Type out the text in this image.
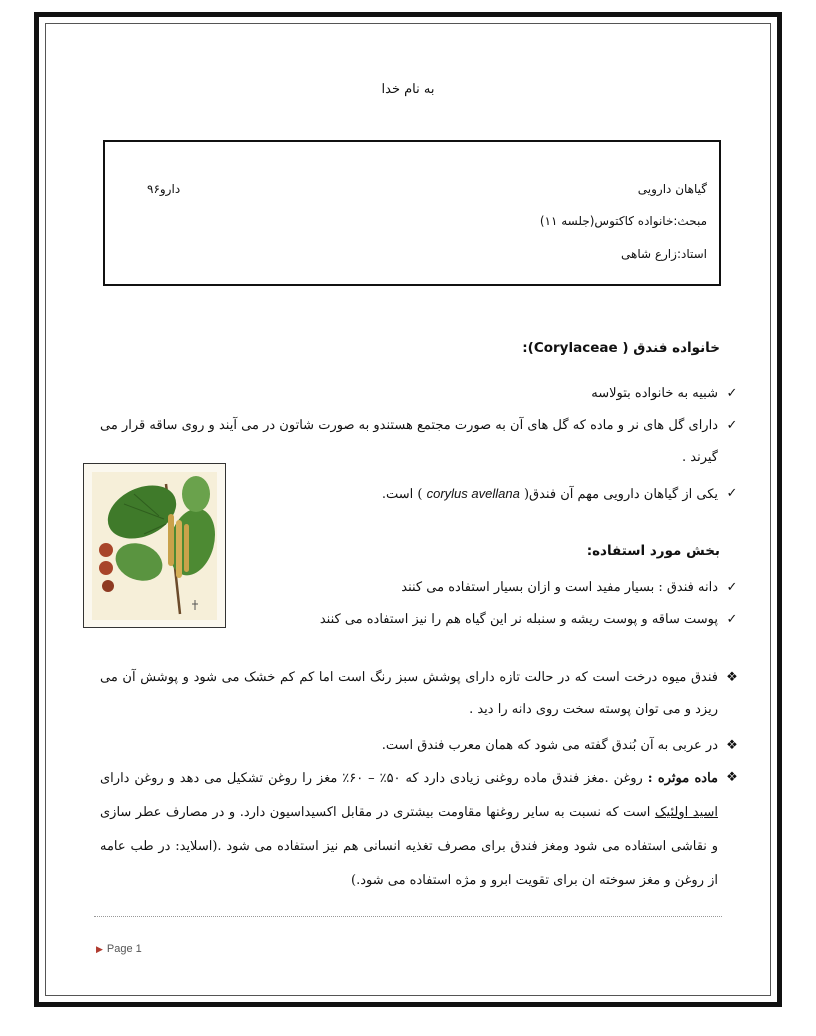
به نام خدا
گیاهان دارویی
دارو۹۶
مبحث:خانواده کاکتوس(جلسه ۱۱)
استاد:زارع شاهی
خانواده فندق ( Corylaceae):
✓
شبیه به خانواده بتولاسه
✓
دارای گل های نر و ماده که گل های آن به صورت مجتمع هستندو به صورت شاتون در می آیند و روی ساقه قرار می گیرند .
✓
یکی از گیاهان دارویی مهم آن فندق( corylus avellana ) است.
بخش مورد استفاده:
✓
دانه فندق : بسیار مفید است و ازان بسیار استفاده می کنند
✓
پوست ساقه و پوست ریشه و سنبله نر این گیاه هم را نیز استفاده می کنند
❖
فندق میوه درخت است که در حالت تازه دارای پوشش سبز رنگ است اما کم کم خشک می شود و پوشش آن می ریزد و می توان پوسته سخت روی دانه را دید .
❖
در عربی به آن بُندق گفته می شود که همان معرب فندق است.
❖
ماده موثره : روغن .مغز فندق ماده روغنی زیادی دارد که ۵۰٪ – ۶۰٪ مغز را روغن تشکیل می دهد و روغن دارای اسید اولئیک است که نسبت به سایر روغنها مقاومت بیشتری در مقابل اکسیداسیون دارد. و در مصارف عطر سازی و نقاشی استفاده می شود ومغز فندق برای مصرف تغذیه انسانی هم نیز استفاده می شود .(اسلاید: در طب عامه از روغن و مغز سوخته ان برای تقویت ابرو و مژه استفاده می شود.)
▶ Page 1
